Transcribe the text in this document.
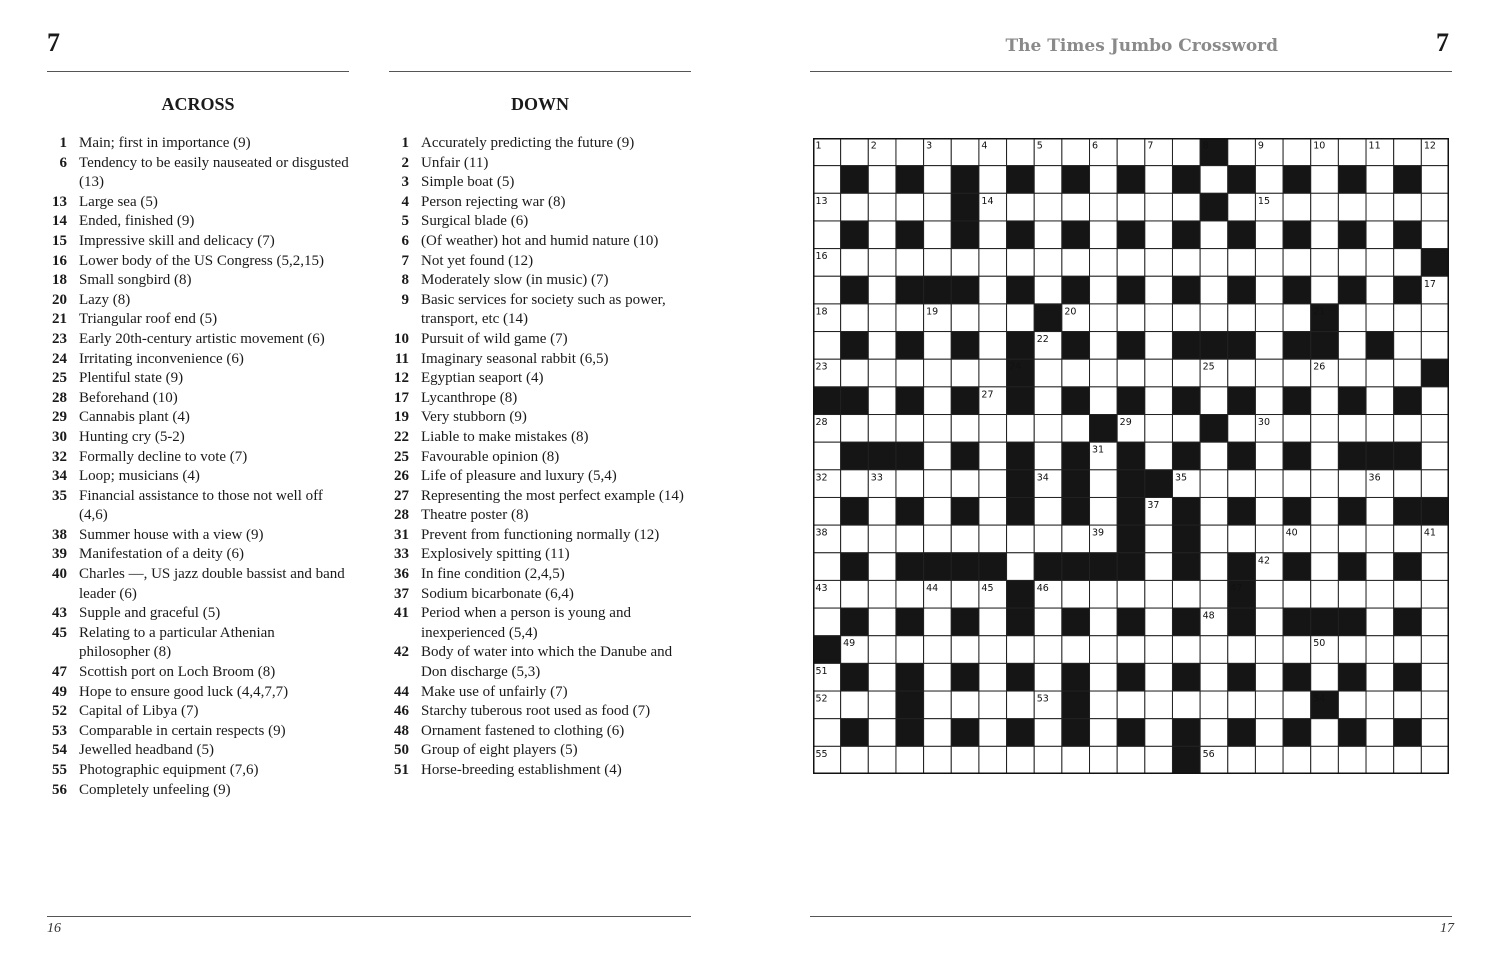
7	7
The Times Jumbo Crossword
ACROSS	DOWN
1 Main; first in importance (9)
6 Tendency to be easily nauseated or disgusted (13)
13 Large sea (5)
14 Ended, finished (9)
15 Impressive skill and delicacy (7)
16 Lower body of the US Congress (5,2,15)
18 Small songbird (8)
20 Lazy (8)
21 Triangular roof end (5)
23 Early 20th-century artistic movement (6)
24 Irritating inconvenience (6)
25 Plentiful state (9)
28 Beforehand (10)
29 Cannabis plant (4)
30 Hunting cry (5-2)
32 Formally decline to vote (7)
34 Loop; musicians (4)
35 Financial assistance to those not well off (4,6)
38 Summer house with a view (9)
39 Manifestation of a deity (6)
40 Charles —, US jazz double bassist and band leader (6)
43 Supple and graceful (5)
45 Relating to a particular Athenian philosopher (8)
47 Scottish port on Loch Broom (8)
49 Hope to ensure good luck (4,4,7,7)
52 Capital of Libya (7)
53 Comparable in certain respects (9)
54 Jewelled headband (5)
55 Photographic equipment (7,6)
56 Completely unfeeling (9)
1 Accurately predicting the future (9)
2 Unfair (11)
3 Simple boat (5)
4 Person rejecting war (8)
5 Surgical blade (6)
6 (Of weather) hot and humid nature (10)
7 Not yet found (12)
8 Moderately slow (in music) (7)
9 Basic services for society such as power, transport, etc (14)
10 Pursuit of wild game (7)
11 Imaginary seasonal rabbit (6,5)
12 Egyptian seaport (4)
17 Lycanthrope (8)
19 Very stubborn (9)
22 Liable to make mistakes (8)
25 Favourable opinion (8)
26 Life of pleasure and luxury (5,4)
27 Representing the most perfect example (14)
28 Theatre poster (8)
31 Prevent from functioning normally (12)
33 Explosively spitting (11)
36 In fine condition (2,4,5)
37 Sodium bicarbonate (6,4)
41 Period when a person is young and inexperienced (5,4)
42 Body of water into which the Danube and Don discharge (5,3)
44 Make use of unfairly (7)
46 Starchy tuberous root used as food (7)
48 Ornament fastened to clothing (6)
50 Group of eight players (5)
51 Horse-breeding establishment (4)
1	2	3	4	5	6	7	8	9	10	11	12
13	14	15
16
17
18	19	20	21
22
23	24	25	26
27
28	29	30
31
32	33	34	35	36
37
38	39	40	41
42
43	44	45	46	47
48
49	50
51
52	53	54
55	56
16	17
